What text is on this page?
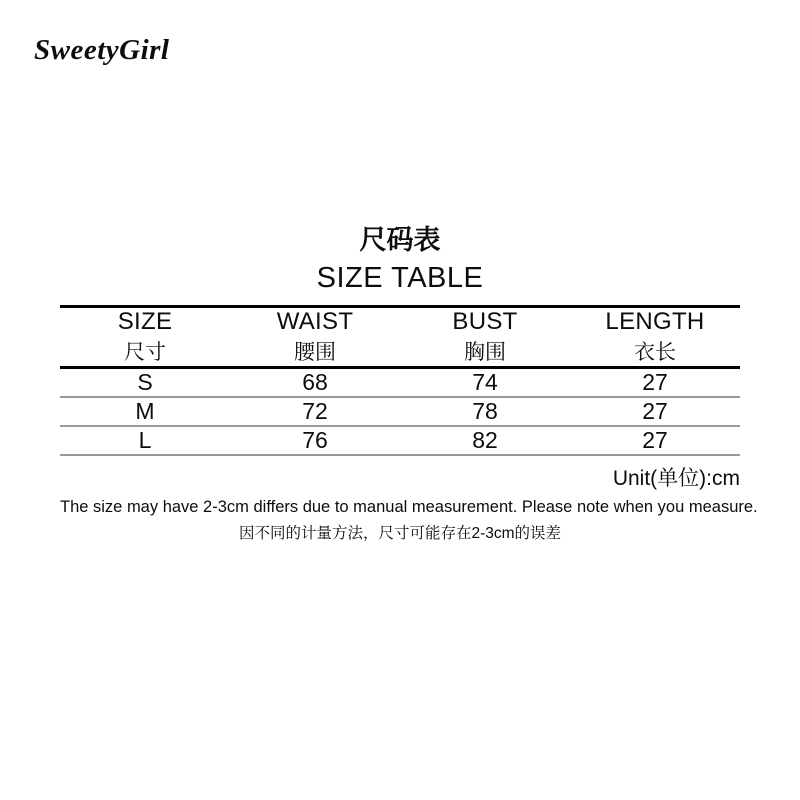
SweetyGirl
尺码表
SIZE TABLE
SIZE	WAIST	BUST	LENGTH
尺寸	腰围	胸围	衣长
S	68	74	27
M	72	78	27
L	76	82	27
Unit(单位):cm
The size may have 2-3cm differs due to manual measurement. Please note when you measure.
因不同的计量方法，尺寸可能存在2-3cm的误差
